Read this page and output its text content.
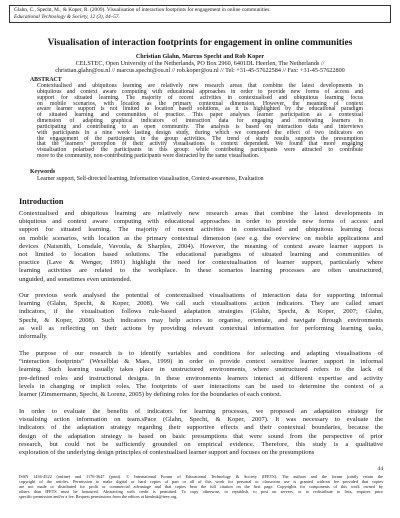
Glahn, C., Specht, M., & Koper, R. (2009). Visualisation of interaction footprints for engagement in online communities.
Educational Technology & Society, 12 (3), 44–57.
Visualisation of interaction footprints for engagement in online communities
Christian Glahn, Marcus Specht and Rob Koper
CELSTEC, Open University of the Netherlands, PO Box 2960, 6401DL Heerlen, The Netherlands //
christian.glahn@ou.nl // marcus.specht@ou.nl // rob.koper@ou.nl // Tel: +31-45-57622584 // Fax: +31-45-57622800
ABSTRACT
Contextualised and ubiquitous learning are relatively new research areas that combine the latest developments in
ubiquitous and context aware computing with educational approaches in order to provide new forms of access and
support for situated learning. The majority of recent activities in contextualised and ubiquitous learning focus
on mobile scenarios, with location as the primary contextual dimension. However, the meaning of context
aware learner support is not limited to location based solutions, as it is highlighted by the educational paradigm
of situated learning and communities of practice. This paper analyses learner participation as a contextual
dimension of adapting graphical indicators of interaction data for engaging and motivating learners in
participating and contributing to an open community. The analysis is based on interaction data and interviews
with participants in a nine week lasting design study, during which we compared the effect of two indicators on
the engagement of the participants in the group activities. The trend of study results supports the presumption
that the learners’ perception of their activity visualisations is context dependent. We found that more engaging
visualisation polarised the participants in this group: while contributing participants were attracted to contribute
more to the community, non-contributing participants were distracted by the same visualisation.
Keywords
Learner support, Self-directed learning, Information visualisation, Context-awareness, Evaluation
Introduction
Contextualised and ubiquitous learning are relatively new research areas that combine the latest developments in
ubiquitous and context aware computing with educational approaches in order to provide new forms of access and
support for situated learning. The majority of recent activities in contextualised and ubiquitous learning focus
on mobile scenarios, with location as the primary contextual dimension (see e.g. the overview on mobile applications and
devices (Naismith, Lonsdale, Vavoula, & Sharples, 2004). However, the meaning of context aware learner support is
not limited to location based solutions. The educational paradigms of situated learning and communities of
practice (Lave & Wenger, 1991) highlight the need for contextualisation of learner support, particularly where
learning activities are related to the workplace. In these scenarios learning processes are often unstructured,
unguided, and sometimes even unintended.
Our previous work analysed the potential of contextualised visualisations of interaction data for supporting informal
learning (Glahn, Specht, & Koper, 2008). We call such visualisations action indicators. They are called smart
indicators, if the visualisation follows rule-based adaptation strategies (Glahn, Specht, & Koper, 2007; Glahn,
Specht, & Koper, 2008). Such indicators may help actors to organise, orientate, and navigate through environments
as well as reflecting on their actions by providing relevant contextual information for performing learning tasks,
informally.
The purpose of our research is to identify variables and conditions for selecting and adapting visualisations of
“interaction footprints” (Wexelblat & Maes, 1999) in order to provide context sensitive learner support in informal
learning. Such learning usually takes place in unstructured environments, where unstructured refers to the lack of
pre-defined roles and instructional designs. In these environments learners interact at different expertise and activity
levels in changing or implicit roles. The footprints of user interactions can be used to determine the context of a
learner (Zimmermann, Specht, & Lorenz, 2005) by defining roles for the boundaries of each context.
In order to evaluate the benefits of indicators for learning processes, we proposed an adaptation strategy for
visualising action information on team.sPace (Glahn, Specht, & Koper, 2007). It was necessary to evaluate the
indicators of the adaptation strategy regarding their supportive effects and their contextual boundaries, because the
design of the adaptation strategy is based on basic presumptions that were sound from the perspective of prior
research, but could not be sufficiently grounded on empirical evidence. Therefore, this study is a qualitative
exploration of the underlying design principles of contextualised learner support and focuses on the presumptions
44
ISSN 1436-4522 (online) and 1176-3647 (print). © International Forum of Educational Technology & Society (IFETS). The authors and the forum jointly retain the
copyright of the articles. Permission to make digital or hard copies of part or all of this work for personal or classroom use is granted without fee provided that copies
are not made or distributed for profit or commercial advantage and that copies bear the full citation on the first page. Copyrights for components of this work owned by
others than IFETS must be honoured. Abstracting with credit is permitted. To copy otherwise, to republish, to post on servers, or to redistribute to lists, requires prior
specific permission and/or a fee. Request permissions from the editors at kinshuk@ieee.org.
